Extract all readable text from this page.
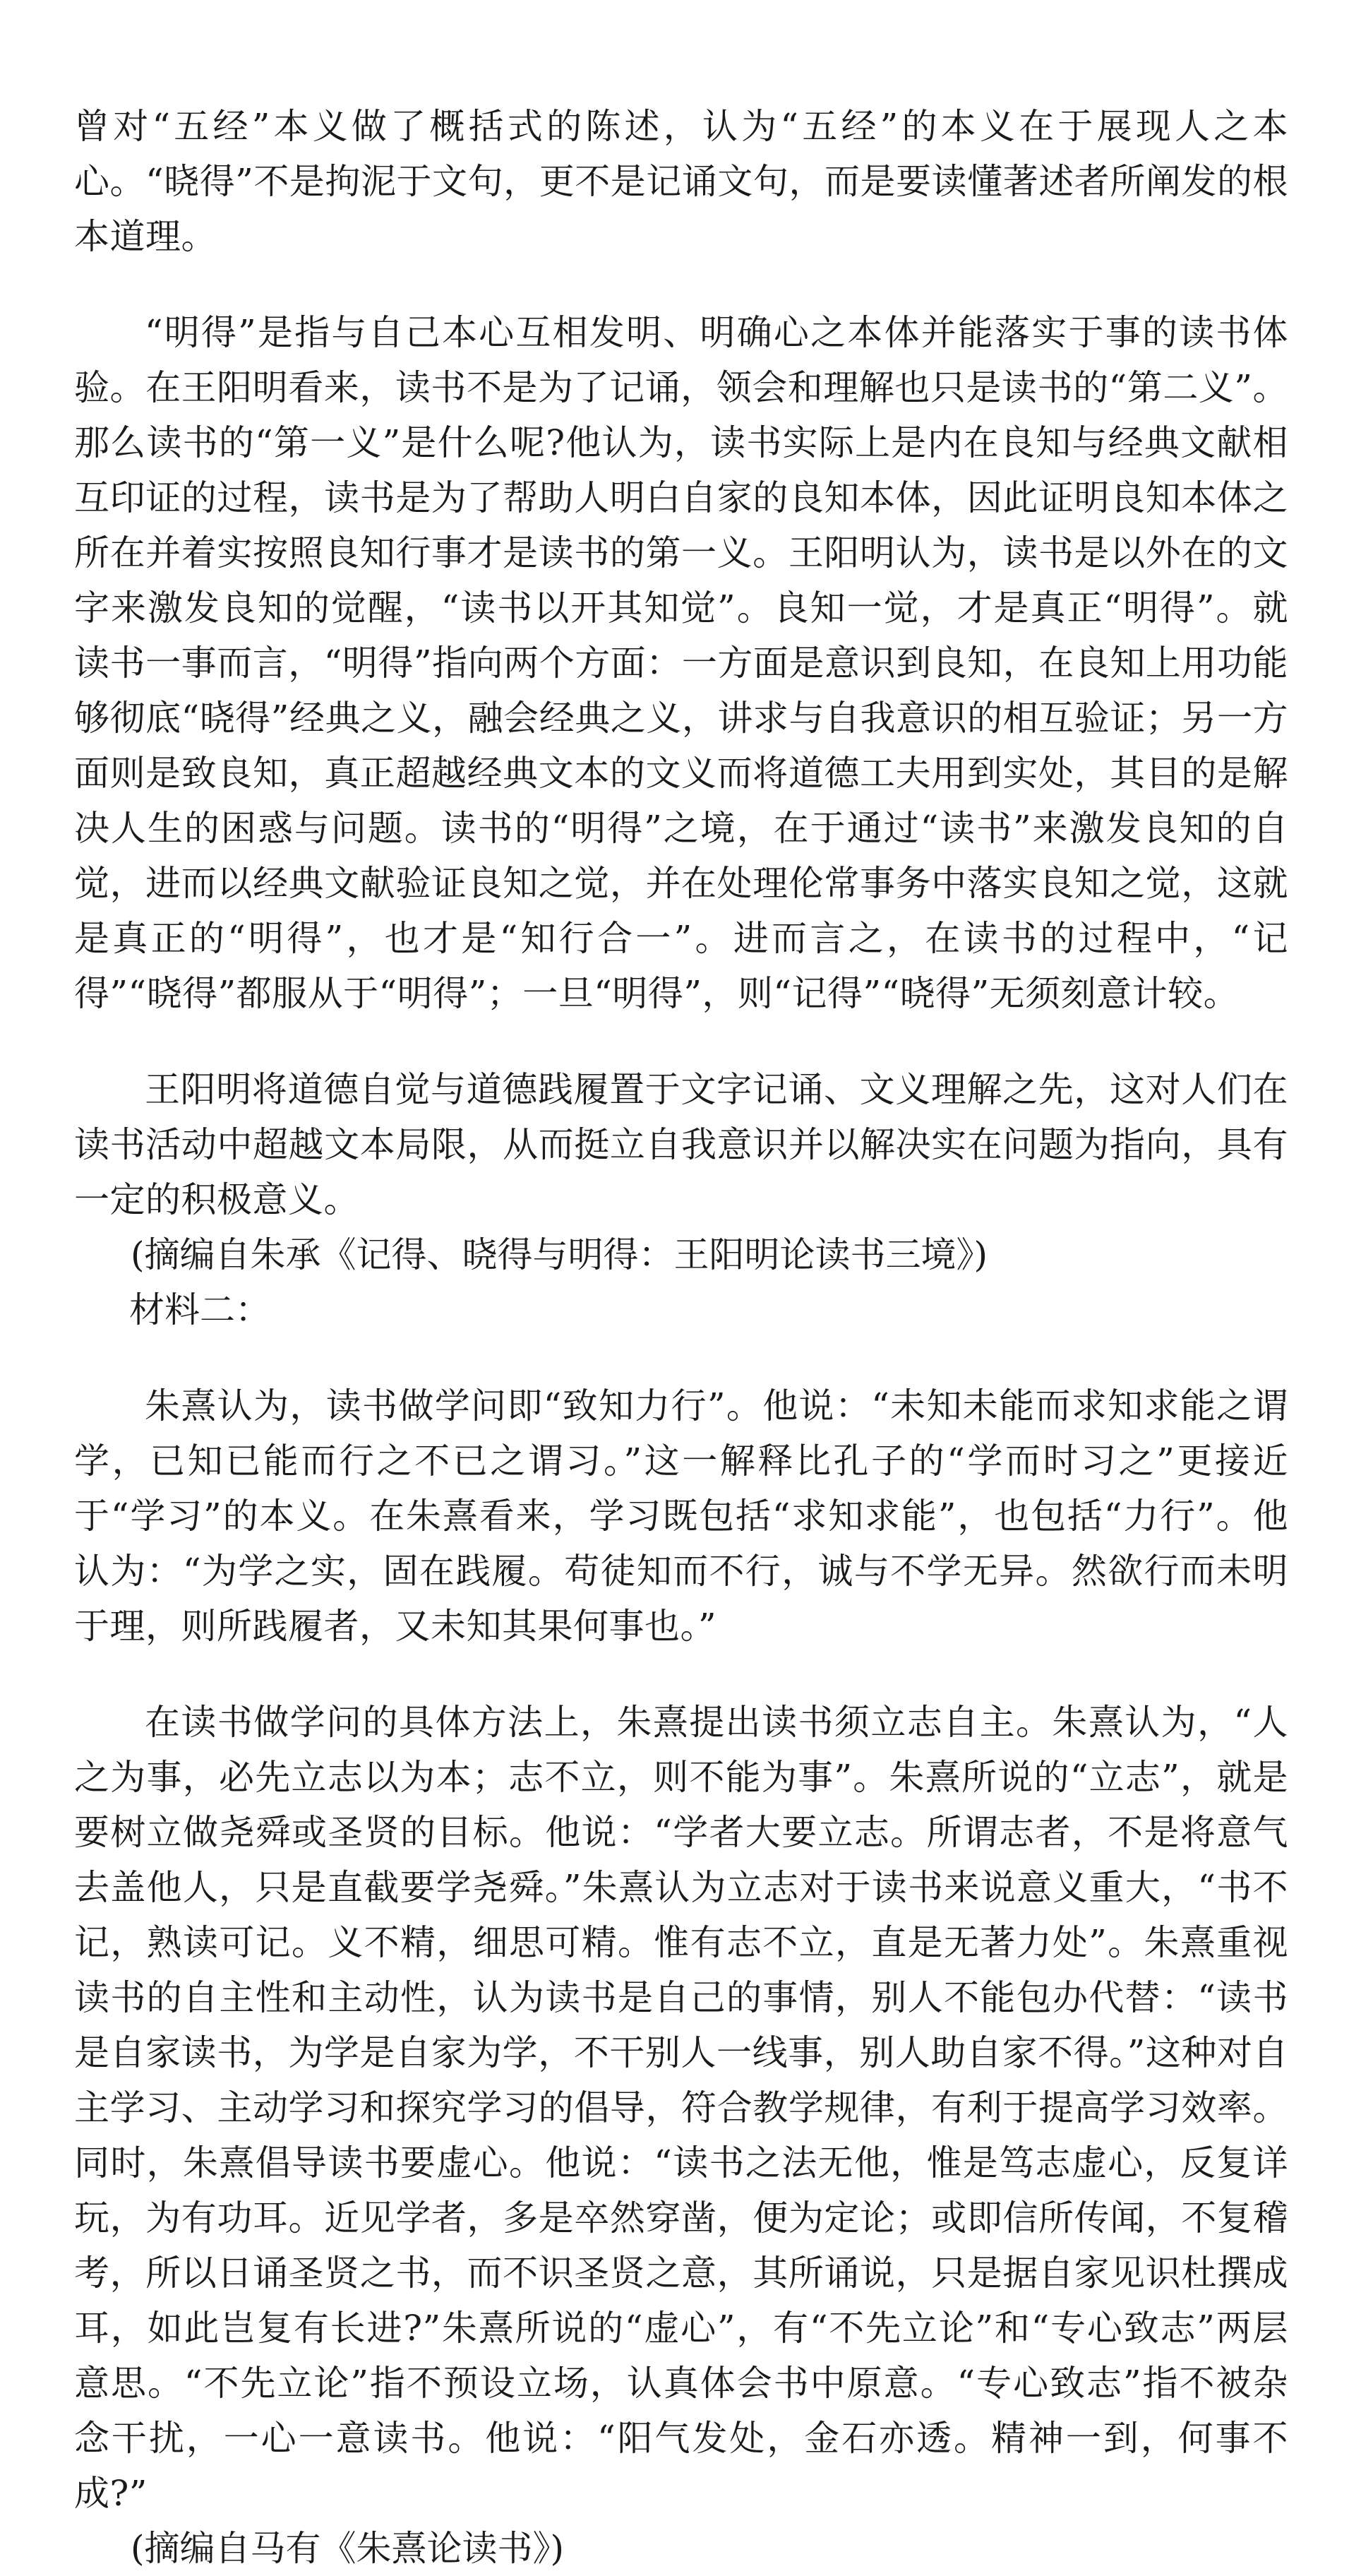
曾对“五经”本义做了概括式的陈述，认为“五经”的本义在于展现人之本心。“晓得”不是拘泥于文句，更不是记诵文句，而是要读懂著述者所阐发的根本道理。

“明得”是指与自己本心互相发明、明确心之本体并能落实于事的读书体验。在王阳明看来，读书不是为了记诵，领会和理解也只是读书的“第二义”。那么读书的“第一义”是什么呢?他认为，读书实际上是内在良知与经典文献相互印证的过程，读书是为了帮助人明白自家的良知本体，因此证明良知本体之所在并着实按照良知行事才是读书的第一义。王阳明认为，读书是以外在的文字来激发良知的觉醒，“读书以开其知觉”。良知一觉，才是真正“明得”。就读书一事而言，“明得”指向两个方面：一方面是意识到良知，在良知上用功能够彻底“晓得”经典之义，融会经典之义，讲求与自我意识的相互验证；另一方面则是致良知，真正超越经典文本的文义而将道德工夫用到实处，其目的是解决人生的困惑与问题。读书的“明得”之境，在于通过“读书”来激发良知的自觉，进而以经典文献验证良知之觉，并在处理伦常事务中落实良知之觉，这就是真正的“明得”，也才是“知行合一”。进而言之，在读书的过程中，“记得”“晓得”都服从于“明得”；一旦“明得”，则“记得”“晓得”无须刻意计较。

王阳明将道德自觉与道德践履置于文字记诵、文义理解之先，这对人们在读书活动中超越文本局限，从而挺立自我意识并以解决实在问题为指向，具有一定的积极意义。

(摘编自朱承《记得、晓得与明得：王阳明论读书三境》)

材料二：

朱熹认为，读书做学问即“致知力行”。他说：“未知未能而求知求能之谓学，已知已能而行之不已之谓习。”这一解释比孔子的“学而时习之”更接近于“学习”的本义。在朱熹看来，学习既包括“求知求能”，也包括“力行”。他认为：“为学之实，固在践履。苟徒知而不行，诚与不学无异。然欲行而未明于理，则所践履者，又未知其果何事也。”

在读书做学问的具体方法上，朱熹提出读书须立志自主。朱熹认为，“人之为事，必先立志以为本；志不立，则不能为事”。朱熹所说的“立志”，就是要树立做尧舜或圣贤的目标。他说：“学者大要立志。所谓志者，不是将意气去盖他人，只是直截要学尧舜。”朱熹认为立志对于读书来说意义重大，“书不记，熟读可记。义不精，细思可精。惟有志不立，直是无著力处”。朱熹重视读书的自主性和主动性，认为读书是自己的事情，别人不能包办代替：“读书是自家读书，为学是自家为学，不干别人一线事，别人助自家不得。”这种对自主学习、主动学习和探究学习的倡导，符合教学规律，有利于提高学习效率。同时，朱熹倡导读书要虚心。他说：“读书之法无他，惟是笃志虚心，反复详玩，为有功耳。近见学者，多是卒然穿凿，便为定论；或即信所传闻，不复稽考，所以日诵圣贤之书，而不识圣贤之意，其所诵说，只是据自家见识杜撰成耳，如此岂复有长进?”朱熹所说的“虚心”，有“不先立论”和“专心致志”两层意思。“不先立论”指不预设立场，认真体会书中原意。“专心致志”指不被杂念干扰，一心一意读书。他说：“阳气发处，金石亦透。精神一到，何事不成?”

(摘编自马有《朱熹论读书》)
